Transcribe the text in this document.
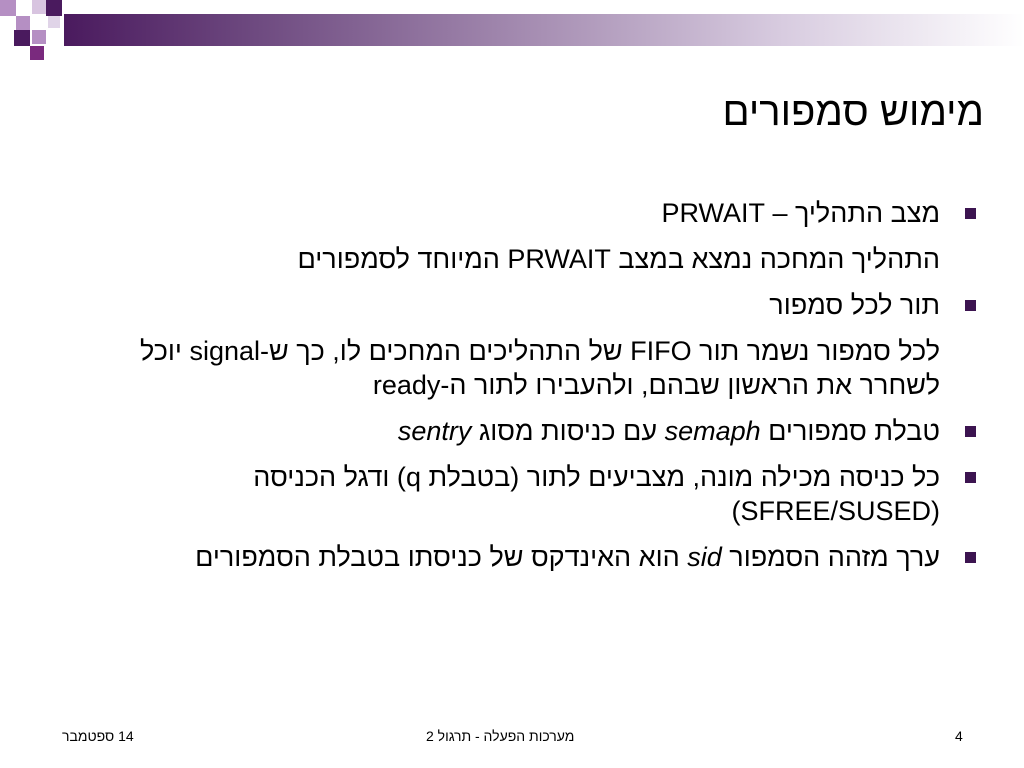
מימוש סמפורים
מצב התהליך – PRWAIT
התהליך המחכה נמצא במצב PRWAIT המיוחד לסמפורים
תור לכל סמפור
לכל סמפור נשמר תור FIFO של התהליכים המחכים לו, כך ש-signal יוכל לשחרר את הראשון שבהם, ולהעבירו לתור ה-ready
טבלת סמפורים semaph עם כניסות מסוג sentry
כל כניסה מכילה מונה, מצביעים לתור (בטבלת q) ודגל הכניסה (SFREE/SUSED)
ערך מזהה הסמפור sid הוא האינדקס של כניסתו בטבלת הסמפורים
14 ספטמבר	מערכות הפעלה - תרגול 2	4
